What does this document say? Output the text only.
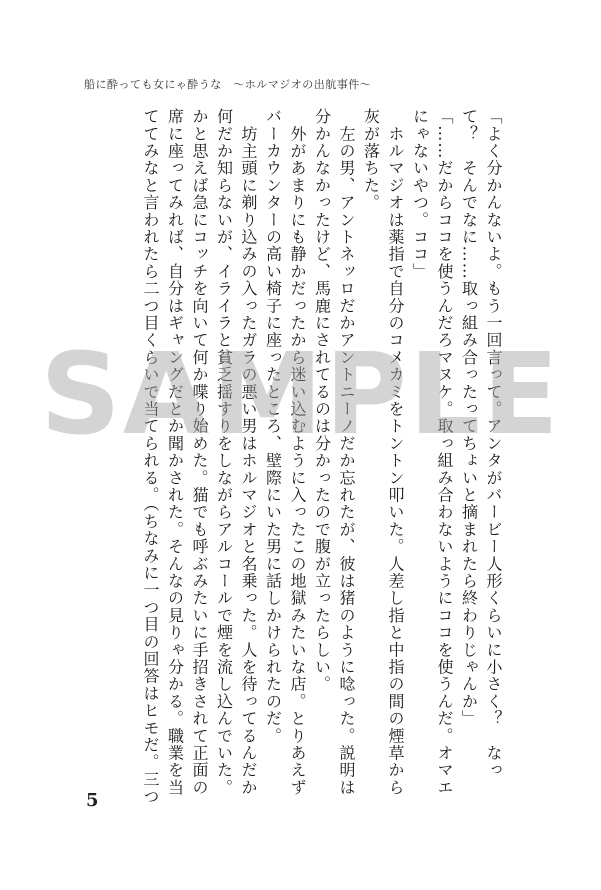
船に酔っても女にゃ酔うな　〜ホルマジオの出航事件〜

「よく分かんないよ。もう一回言って。アンタがバービー人形くらいに小さく？　なって？　そんでなに……取っ組み合ったってちょいと摘まれたら終わりじゃんか」
「……だからココを使うんだろマヌケ。取っ組み合わないようにココを使うんだ。オマエにゃないやつ。ココ」
　ホルマジオは薬指で自分のコメカミをトントン叩いた。人差し指と中指の間の煙草から灰が落ちた。
　左の男、アントネッロだかアントニーノだか忘れたが、彼は猪のように唸った。説明は分かんなかったけど、馬鹿にされてるのは分かったので腹が立ったらしい。
　外があまりにも静かだったから迷い込むように入ったこの地獄みたいな店。とりあえずバーカウンターの高い椅子に座ったところ、壁際にいた男に話しかけられたのだ。
　坊主頭に剃り込みの入ったガラの悪い男はホルマジオと名乗った。人を待ってるんだか何だか知らないが、イライラと貧乏揺すりをしながらアルコールで煙を流し込んでいた。かと思えば急にコッチを向いて何か喋り始めた。猫でも呼ぶみたいに手招きされて正面の席に座ってみれば、自分はギャングだとか聞かされた。そんなの見りゃ分かる。職業を当ててみなと言われたら二つ目くらいで当てられる。（ちなみに一つ目の回答はヒモだ。三つ

SAMPLE
5
